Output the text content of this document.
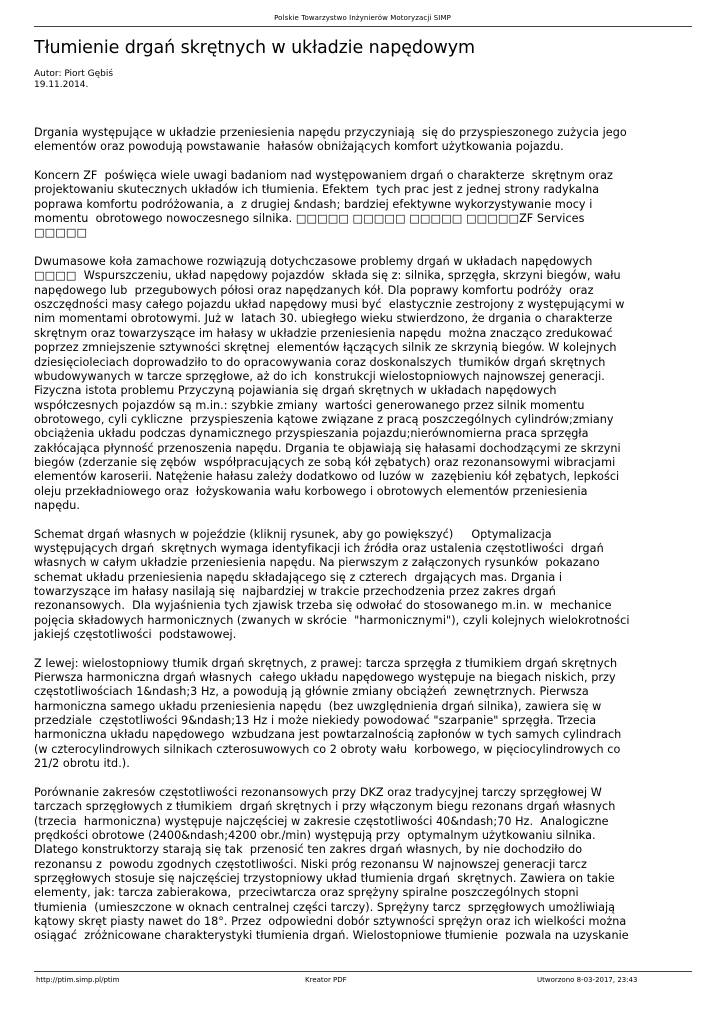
Polskie Towarzystwo Inżynierów Motoryzacji SIMP
Tłumienie drgań skrętnych w układzie napędowym
Autor: Piort Gębiś
19.11.2014.

Drgania występujące w układzie przeniesienia napędu przyczyniają  się do przyspieszonego zużycia jego
elementów oraz powodują powstawanie  hałasów obniżających komfort użytkowania pojazdu.

Koncern ZF  poświęca wiele uwagi badaniom nad występowaniem drgań o charakterze  skrętnym oraz
projektowaniu skutecznych układów ich tłumienia. Efektem  tych prac jest z jednej strony radykalna
poprawa komfortu podróżowania, a  z drugiej &ndash; bardziej efektywne wykorzystywanie mocy i
momentu  obrotowego nowoczesnego silnika. □□□□□ □□□□□ □□□□□ □□□□□ZF Services
□□□□□

Dwumasowe koła zamachowe rozwiązują dotychczasowe problemy drgań w układach napędowych
□□□□  Wspurszczeniu, układ napędowy pojazdów  składa się z: silnika, sprzęgła, skrzyni biegów, wału
napędowego lub  przegubowych półosi oraz napędzanych kół. Dla poprawy komfortu podróży  oraz
oszczędności masy całego pojazdu układ napędowy musi być  elastycznie zestrojony z występującymi w
nim momentami obrotowymi. Już w  latach 30. ubiegłego wieku stwierdzono, że drgania o charakterze
skrętnym oraz towarzyszące im hałasy w układzie przeniesienia napędu  można znacząco zredukować
poprzez zmniejszenie sztywności skrętnej  elementów łączących silnik ze skrzynią biegów. W kolejnych
dziesięcioleciach doprowadziło to do opracowywania coraz doskonalszych  tłumików drgań skrętnych
wbudowywanych w tarcze sprzęgłowe, aż do ich  konstrukcji wielostopniowych najnowszej generacji.
Fizyczna istota problemu Przyczyną pojawiania się drgań skrętnych w układach napędowych
współczesnych pojazdów są m.in.: szybkie zmiany  wartości generowanego przez silnik momentu
obrotowego, cyli cykliczne  przyspieszenia kątowe związane z pracą poszczególnych cylindrów;zmiany
obciążenia układu podczas dynamicznego przyspieszania pojazdu;nierównomierna praca sprzęgła
zakłócająca płynność przenoszenia napędu. Drgania te objawiają się hałasami dochodzącymi ze skrzyni
biegów (zderzanie się zębów  współpracujących ze sobą kół zębatych) oraz rezonansowymi wibracjami
elementów karoserii. Natężenie hałasu zależy dodatkowo od luzów w  zazębieniu kół zębatych, lepkości
oleju przekładniowego oraz  łożyskowania wału korbowego i obrotowych elementów przeniesienia
napędu.

Schemat drgań własnych w pojeździe (kliknij rysunek, aby go powiększyć)     Optymalizacja
występujących drgań  skrętnych wymaga identyfikacji ich źródła oraz ustalenia częstotliwości  drgań
własnych w całym układzie przeniesienia napędu. Na pierwszym z załączonych rysunków  pokazano
schemat układu przeniesienia napędu składającego się z czterech  drgających mas. Drgania i
towarzyszące im hałasy nasilają się  najbardziej w trakcie przechodzenia przez zakres drgań
rezonansowych.  Dla wyjaśnienia tych zjawisk trzeba się odwołać do stosowanego m.in. w  mechanice
pojęcia składowych harmonicznych (zwanych w skrócie  "harmonicznymi"), czyli kolejnych wielokrotności
jakiejś częstotliwości  podstawowej.

Z lewej: wielostopniowy tłumik drgań skrętnych, z prawej: tarcza sprzęgła z tłumikiem drgań skrętnych
Pierwsza harmoniczna drgań własnych  całego układu napędowego występuje na biegach niskich, przy
częstotliwościach 1&ndash;3 Hz, a powodują ją głównie zmiany obciążeń  zewnętrznych. Pierwsza
harmoniczna samego układu przeniesienia napędu  (bez uwzględnienia drgań silnika), zawiera się w
przedziale  częstotliwości 9&ndash;13 Hz i może niekiedy powodować "szarpanie" sprzęgła. Trzecia
harmoniczna układu napędowego  wzbudzana jest powtarzalnością zapłonów w tych samych cylindrach
(w czterocylindrowych silnikach czterosuwowych co 2 obroty wału  korbowego, w pięciocylindrowych co
21/2 obrotu itd.).

Porównanie zakresów częstotliwości rezonansowych przy DKZ oraz tradycyjnej tarczy sprzęgłowej W
tarczach sprzęgłowych z tłumikiem  drgań skrętnych i przy włączonym biegu rezonans drgań własnych
(trzecia  harmoniczna) występuje najczęściej w zakresie częstotliwości 40&ndash;70 Hz.  Analogiczne
prędkości obrotowe (2400&ndash;4200 obr./min) występują przy  optymalnym użytkowaniu silnika.
Dlatego konstruktorzy starają się tak  przenosić ten zakres drgań własnych, by nie dochodziło do
rezonansu z  powodu zgodnych częstotliwości. Niski próg rezonansu W najnowszej generacji tarcz
sprzęgłowych stosuje się najczęściej trzystopniowy układ tłumienia drgań  skrętnych. Zawiera on takie
elementy, jak: tarcza zabierakowa,  przeciwtarcza oraz sprężyny spiralne poszczególnych stopni
tłumienia  (umieszczone w oknach centralnej części tarczy). Sprężyny tarcz  sprzęgłowych umożliwiają
kątowy skręt piasty nawet do 18°. Przez  odpowiedni dobór sztywności sprężyn oraz ich wielkości można
osiągać  zróżnicowane charakterystyki tłumienia drgań. Wielostopniowe tłumienie  pozwala na uzyskanie

http://ptim.simp.pl/ptim	Kreator PDF	Utworzono 8-03-2017, 23:43
